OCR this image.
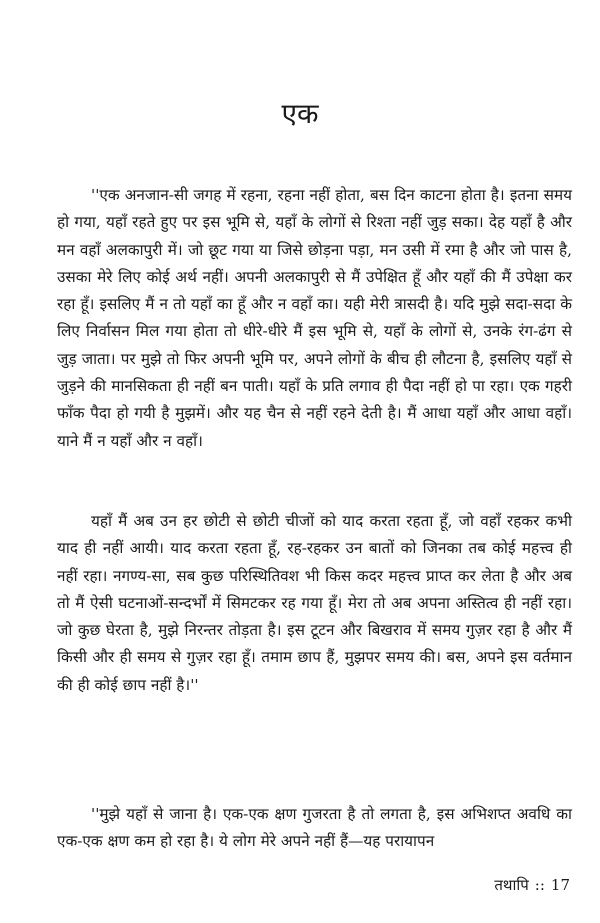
एक

''एक अनजान-सी जगह में रहना, रहना नहीं होता, बस दिन काटना होता है। इतना समय हो गया, यहाँ रहते हुए पर इस भूमि से, यहाँ के लोगों से रिश्ता नहीं जुड़ सका। देह यहाँ है और मन वहाँ अलकापुरी में। जो छूट गया या जिसे छोड़ना पड़ा, मन उसी में रमा है और जो पास है, उसका मेरे लिए कोई अर्थ नहीं। अपनी अलकापुरी से मैं उपेक्षित हूँ और यहाँ की मैं उपेक्षा कर रहा हूँ। इसलिए मैं न तो यहाँ का हूँ और न वहाँ का। यही मेरी त्रासदी है। यदि मुझे सदा-सदा के लिए निर्वासन मिल गया होता तो धीरे-धीरे मैं इस भूमि से, यहाँ के लोगों से, उनके रंग-ढंग से जुड़ जाता। पर मुझे तो फिर अपनी भूमि पर, अपने लोगों के बीच ही लौटना है, इसलिए यहाँ से जुड़ने की मानसिकता ही नहीं बन पाती। यहाँ के प्रति लगाव ही पैदा नहीं हो पा रहा। एक गहरी फाँक पैदा हो गयी है मुझमें। और यह चैन से नहीं रहने देती है। मैं आधा यहाँ और आधा वहाँ। याने मैं न यहाँ और न वहाँ।

यहाँ मैं अब उन हर छोटी से छोटी चीजों को याद करता रहता हूँ, जो वहाँ रहकर कभी याद ही नहीं आयी। याद करता रहता हूँ, रह-रहकर उन बातों को जिनका तब कोई महत्त्व ही नहीं रहा। नगण्य-सा, सब कुछ परिस्थितिवश भी किस कदर महत्त्व प्राप्त कर लेता है और अब तो मैं ऐसी घटनाओं-सन्दर्भों में सिमटकर रह गया हूँ। मेरा तो अब अपना अस्तित्व ही नहीं रहा। जो कुछ घेरता है, मुझे निरन्तर तोड़ता है। इस टूटन और बिखराव में समय गुज़र रहा है और मैं किसी और ही समय से गुज़र रहा हूँ। तमाम छाप हैं, मुझपर समय की। बस, अपने इस वर्तमान की ही कोई छाप नहीं है।''

''मुझे यहाँ से जाना है। एक-एक क्षण गुजरता है तो लगता है, इस अभिशप्त अवधि का एक-एक क्षण कम हो रहा है। ये लोग मेरे अपने नहीं हैं—यह परायापन

तथापि :: 17
